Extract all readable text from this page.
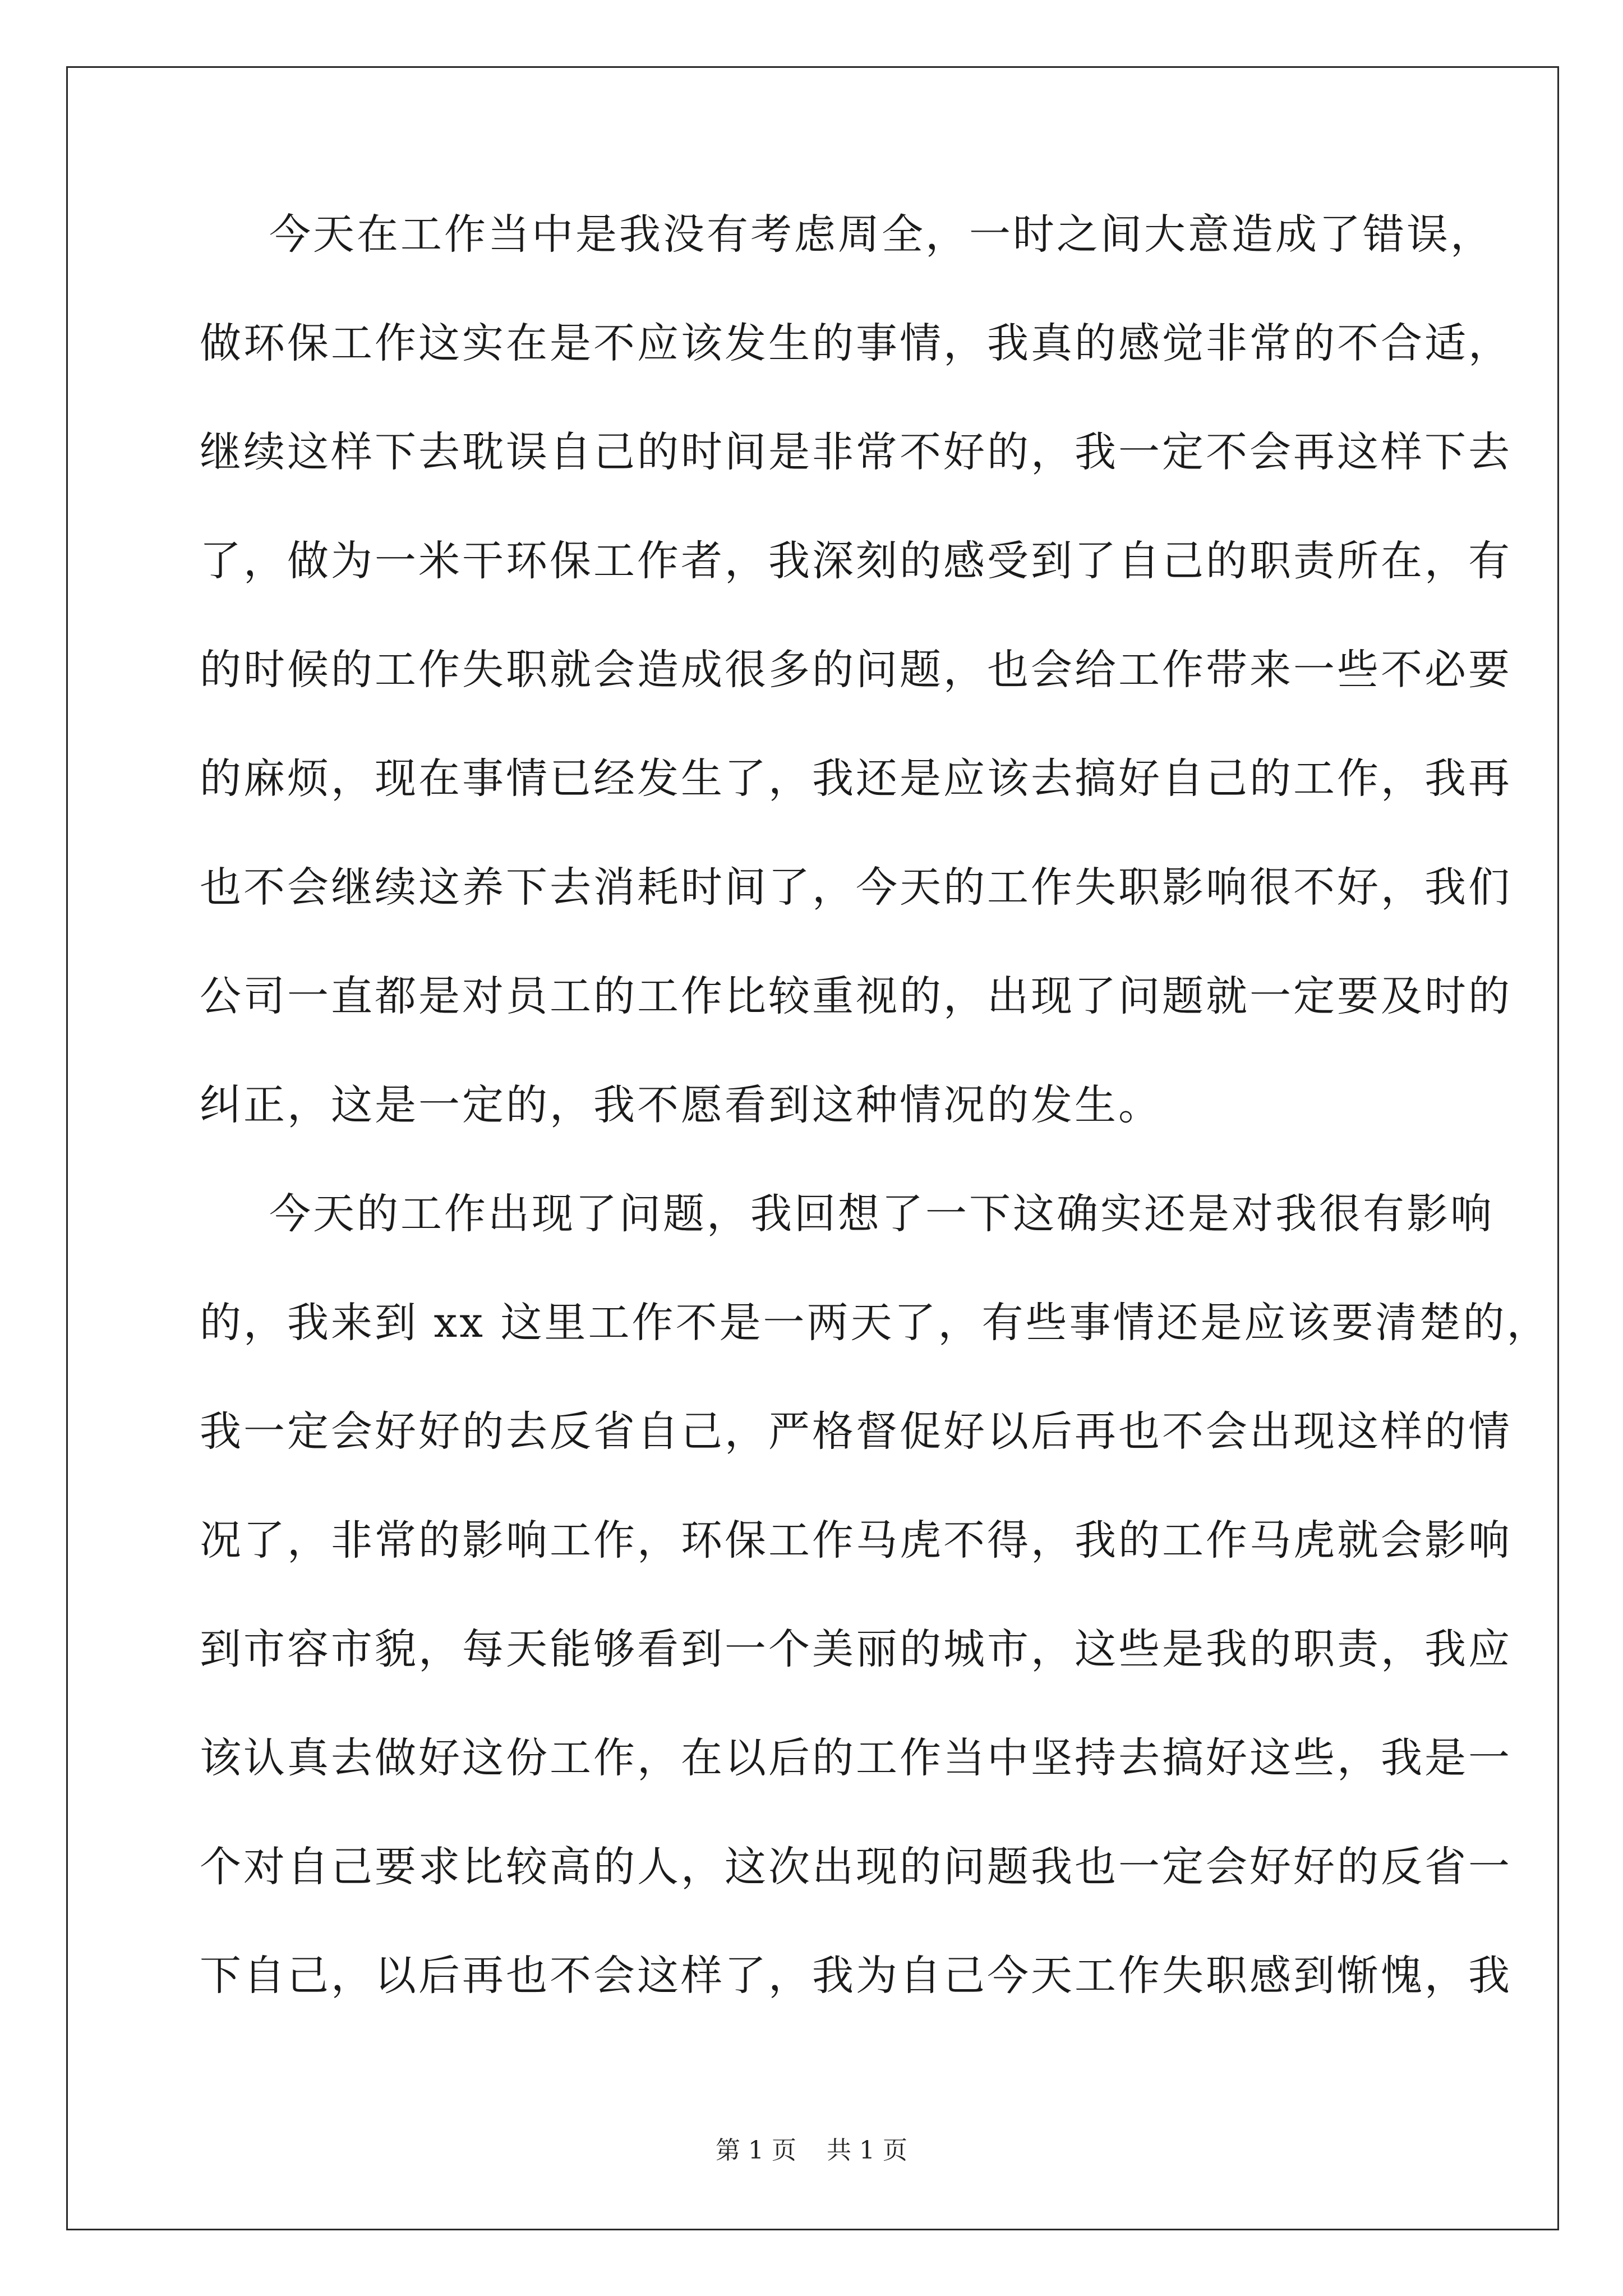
今天在工作当中是我没有考虑周全，一时之间大意造成了错误，
做环保工作这实在是不应该发生的事情，我真的感觉非常的不合适，
继续这样下去耽误自己的时间是非常不好的，我一定不会再这样下去
了，做为一米干环保工作者，我深刻的感受到了自己的职责所在，有
的时候的工作失职就会造成很多的问题，也会给工作带来一些不必要
的麻烦，现在事情已经发生了，我还是应该去搞好自己的工作，我再
也不会继续这养下去消耗时间了，今天的工作失职影响很不好，我们
公司一直都是对员工的工作比较重视的，出现了问题就一定要及时的
纠正，这是一定的，我不愿看到这种情况的发生。
今天的工作出现了问题，我回想了一下这确实还是对我很有影响
的，我来到 xx 这里工作不是一两天了，有些事情还是应该要清楚的，
我一定会好好的去反省自己，严格督促好以后再也不会出现这样的情
况了，非常的影响工作，环保工作马虎不得，我的工作马虎就会影响
到市容市貌，每天能够看到一个美丽的城市，这些是我的职责，我应
该认真去做好这份工作，在以后的工作当中坚持去搞好这些，我是一
个对自己要求比较高的人，这次出现的问题我也一定会好好的反省一
下自己，以后再也不会这样了，我为自己今天工作失职感到惭愧，我
第 1 页 共 1 页
